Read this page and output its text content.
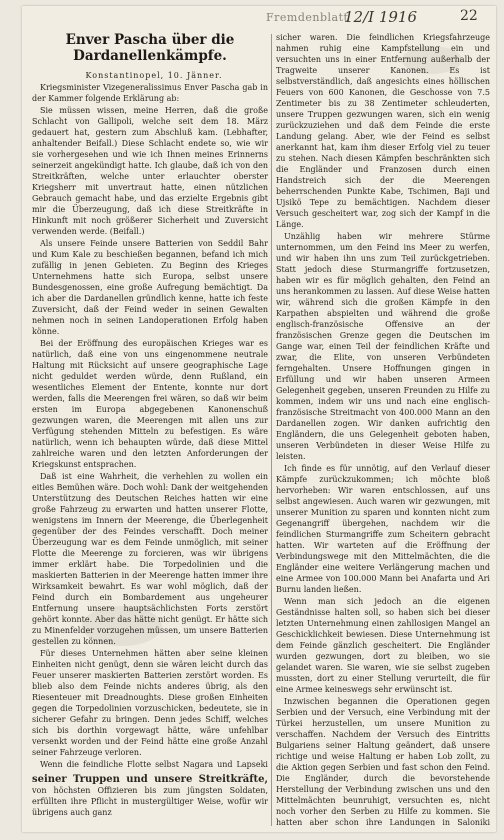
Fremdenblatt
12/I 1916	22
Enver Pascha über die Dardanellenkämpfe.

Konstantinopel, 10. Jänner.

Kriegsminister Vizegeneralissimus Enver Pascha gab in der Kammer folgende Erklärung ab:

Sie müssen wissen, meine Herren, daß die große Schlacht von Gallipoli, welche seit dem 18. März gedauert hat, gestern zum Abschluß kam. (Lebhafter, anhaltender Beifall.) Diese Schlacht endete so, wie wir sie vorhergesehen und wie ich Ihnen meines Erinnerns seinerzeit angekündigt hatte. Ich glaube, daß ich von den Streitkräften, welche unter erlauchter oberster Kriegsherr mit unvertraut hatte, einen nützlichen Gebrauch gemacht habe, und das erzielte Ergebnis gibt mir die Überzeugung, daß ich diese Streitkräfte in Hinkunft mit noch größerer Sicherheit und Zuversicht verwenden werde. (Beifall.)

Als unsere Feinde unsere Batterien von Seddil Bahr und Kum Kale zu beschießen begannen, befand ich mich zufällig in jenen Gebieten. Zu Beginn des Krieges Unternehmens hatte sich Europa, selbst unsere Bundesgenossen, eine große Aufregung bemächtigt. Da ich aber die Dardanellen gründlich kenne, hatte ich feste Zuversicht, daß der Feind weder in seinen Gewalten nehmen noch in seinen Landoperationen Erfolg haben könne.

Bei der Eröffnung des europäischen Krieges war es natürlich, daß eine von uns eingenommene neutrale Haltung mit Rücksicht auf unsere geographische Lage nicht geduldet werden würde, denn Rußland, ein wesentliches Element der Entente, konnte nur dort werden, falls die Meerengen frei wären, so daß wir beim ersten im Europa abgegebenen Kanonenschuß gezwungen waren, die Meerengen mit allen uns zur Verfügung stehenden Mitteln zu befestigen. Es wäre natürlich, wenn ich behaupten würde, daß diese Mittel zahlreiche waren und den letzten Anforderungen der Kriegskunst entsprachen.

Daß ist eine Wahrheit, die verhehlen zu wollen ein eitles Bemühen wäre. Doch wohl: Dank der weitgehenden Unterstützung des Deutschen Reiches hatten wir eine große Fahrzeug zu erwarten und hatten unserer Flotte, wenigstens im Innern der Meerenge, die Überlegenheit gegenüber der des Feindes verschafft. Doch meiner Überzeugung war es dem Feinde unmöglich, mit seiner Flotte die Meerenge zu forcieren, was wir übrigens immer erklärt habe. Die Torpedolinien und die maskierten Batterien in der Meerenge hatten immer ihre Wirksamkeit bewahrt. Es war wohl möglich, daß der Feind durch ein Bombardement aus ungeheurer Entfernung unsere hauptsächlichsten Forts zerstört gehört konnte. Aber das hätte nicht genügt. Er hätte sich zu Minenfelder vorzugehen müssen, um unsere Batterien gestellen zu können.

Für dieses Unternehmen hätten aber seine kleinen Einheiten nicht genügt, denn sie wären leicht durch das Feuer unserer maskierten Batterien zerstört worden. Es blieb also dem Feinde nichts anderes übrig, als den Riesenteuer mit Dreadnoughts. Diese großen Einheiten gegen die Torpedolinien vorzuschicken, bedeutete, sie in sicherer Gefahr zu bringen. Denn jedes Schiff, welches sich bis dorthin vorgewagt hätte, wäre unfehlbar versenkt worden und der Feind hätte eine große Anzahl seiner Fahrzeuge verloren.

Wenn die feindliche Flotte selbst Nagara und Lapseki

seiner Truppen und unsere Streitkräfte, von höchsten Offizieren bis zum jüngsten Soldaten, erfüllten ihre Pflicht in mustergültiger Weise, wofür wir übrigens auch ganz

sicher waren. Die feindlichen Kriegsfahrzeuge nahmen ruhig eine Kampfstellung ein und versuchten uns in einer Entfernung außerhalb der Tragweite unserer Kanonen. Es ist selbstverständlich, daß angesichts eines höllischen Feuers von 600 Kanonen, die Geschosse von 7.5 Zentimeter bis zu 38 Zentimeter schleuderten, unsere Truppen gezwungen waren, sich ein wenig zurückzuziehen und daß dem Feinde die erste Landung gelang. Aber, wie der Feind es selbst anerkannt hat, kam ihm dieser Erfolg viel zu teuer zu stehen. Nach diesen Kämpfen beschränkten sich die Engländer und Franzosen durch einen Handstreich sich der die Meerengen beherrschenden Punkte Kabe, Tschimen, Baji und Ujsikö Tepe zu bemächtigen. Nachdem dieser Versuch gescheitert war, zog sich der Kampf in die Länge.

Unzählig haben wir mehrere Stürme unternommen, um den Feind ins Meer zu werfen, und wir haben ihn uns zum Teil zurückgetrieben. Statt jedoch diese Sturmangriffe fortzusetzen, haben wir es für möglich gehalten, den Feind an uns herankommen zu lassen. Auf diese Weise hatten wir, während sich die großen Kämpfe in den Karpathen abspielten und während die große englisch-französische Offensive an der französischen Grenze gegen die Deutschen im Gange war, einen Teil der feindlichen Kräfte und zwar, die Elite, von unseren Verbündeten ferngehalten. Unsere Hoffnungen gingen in Erfüllung und wir haben unseren Armeen Gelegenheit gegeben, unseren Freunden zu Hilfe zu kommen, indem wir uns und nach eine englisch-französische Streitmacht von 400.000 Mann an den Dardanellen zogen. Wir danken aufrichtig den Engländern, die uns Gelegenheit geboten haben, unseren Verbündeten in dieser Weise Hilfe zu leisten.

Ich finde es für unnötig, auf den Verlauf dieser Kämpfe zurückzukommen; ich möchte bloß hervorheben: Wir waren entschlossen, auf uns selbst angewiesen. Auch waren wir gezwungen, mit unserer Munition zu sparen und konnten nicht zum Gegenangriff übergehen, nachdem wir die feindlichen Sturmangriffe zum Scheitern gebracht hatten. Wir warteten auf die Eröffnung der Verbindungswege mit den Mittelmächten, die die Engländer eine weitere Verlängerung machen und eine Armee von 100.000 Mann bei Anafarta und Ari Burnu landen ließen.

Wenn man sich jedoch an die eigenen Geständnisse halten soll, so haben sich bei dieser letzten Unternehmung einen zahllosigen Mangel an Geschicklichkeit bewiesen. Diese Unternehmung ist dem Feinde gänzlich gescheitert. Die Engländer wurden gezwungen, dort zu bleiben, wo sie gelandet waren. Sie waren, wie sie selbst zugeben mussten, dort zu einer Stellung verurteilt, die für eine Armee keineswegs sehr erwünscht ist.

Inzwischen begannen die Operationen gegen Serbien und der Versuch, eine Verbindung mit der Türkei herzustellen, um unsere Munition zu verschaffen. Nachdem der Versuch des Eintritts Bulgariens seiner Haltung geändert, daß unsere richtige und weise Haltung er haben Lob zollt, zu die Aktion gegen Serbien und fast schon den Feind. Die Engländer, durch die bevorstehende Herstellung der Verbindung zwischen uns und den Mittelmächten beunruhigt, versuchten es, nicht noch vorher den Serben zu Hilfe zu kommen. Sie hatten aber schon ihre Landungen in Saloniki
